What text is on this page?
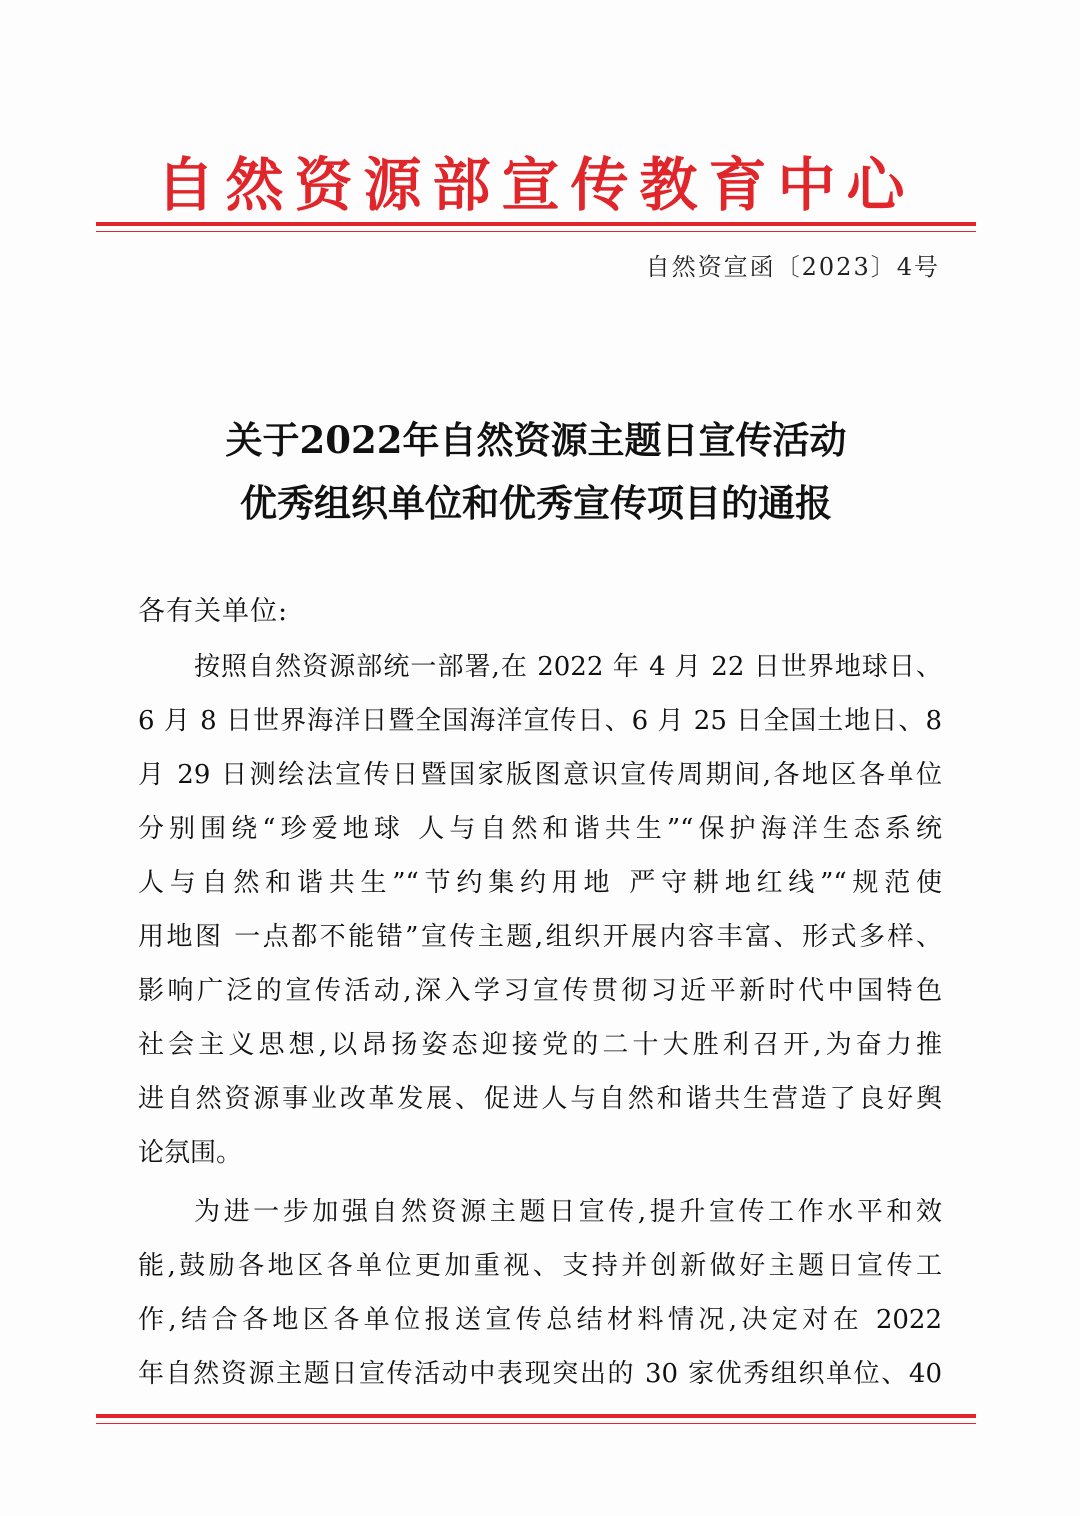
自然资源部宣传教育中心
自然资宣函〔2023〕4号
关于2022年自然资源主题日宣传活动
优秀组织单位和优秀宣传项目的通报
各有关单位:
按照自然资源部统一部署,在 2022 年 4 月 22 日世界地球日、
6 月 8 日世界海洋日暨全国海洋宣传日、6 月 25 日全国土地日、8
月 29 日测绘法宣传日暨国家版图意识宣传周期间,各地区各单位
分别围绕“珍爱地球 人与自然和谐共生”“保护海洋生态系统
人与自然和谐共生”“节约集约用地 严守耕地红线”“规范使
用地图 一点都不能错”宣传主题,组织开展内容丰富、形式多样、
影响广泛的宣传活动,深入学习宣传贯彻习近平新时代中国特色
社会主义思想,以昂扬姿态迎接党的二十大胜利召开,为奋力推
进自然资源事业改革发展、促进人与自然和谐共生营造了良好舆
论氛围。
为进一步加强自然资源主题日宣传,提升宣传工作水平和效
能,鼓励各地区各单位更加重视、支持并创新做好主题日宣传工
作,结合各地区各单位报送宣传总结材料情况,决定对在 2022
年自然资源主题日宣传活动中表现突出的 30 家优秀组织单位、40
